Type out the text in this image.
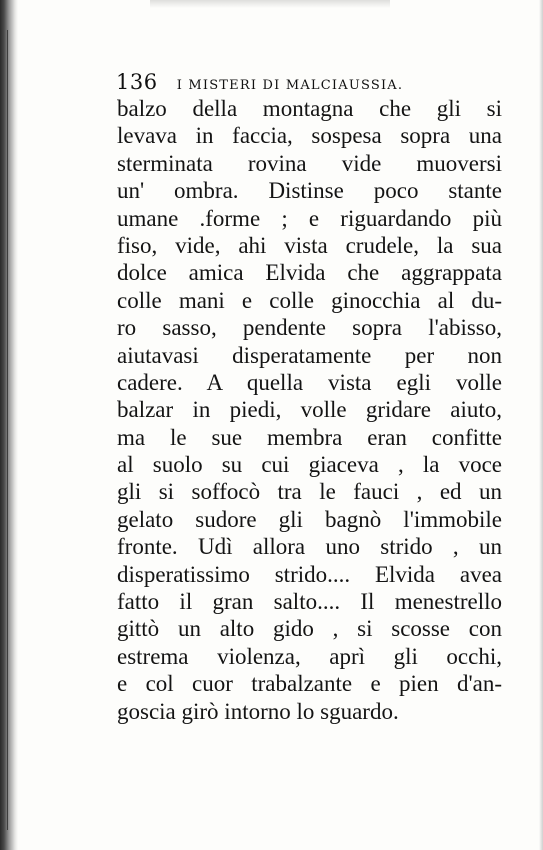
136 I MISTERI DI MALCIAUSSIA.
balzo della montagna che gli si
levava in faccia, sospesa sopra una
sterminata rovina vide muoversi
un' ombra. Distinse poco stante
umane .forme ; e riguardando più
fiso, vide, ahi vista crudele, la sua
dolce amica Elvida che aggrappata
colle mani e colle ginocchia al du-
ro sasso, pendente sopra l'abisso,
aiutavasi disperatamente per non
cadere. A quella vista egli volle
balzar in piedi, volle gridare aiuto,
ma le sue membra eran confitte
al suolo su cui giaceva , la voce
gli si soffocò tra le fauci , ed un
gelato sudore gli bagnò l'immobile
fronte. Udì allora uno strido , un
disperatissimo strido.... Elvida avea
fatto il gran salto.... Il menestrello
gittò un alto gido , si scosse con
estrema violenza, aprì gli occhi,
e col cuor trabalzante e pien d'an-
goscia girò intorno lo sguardo.
